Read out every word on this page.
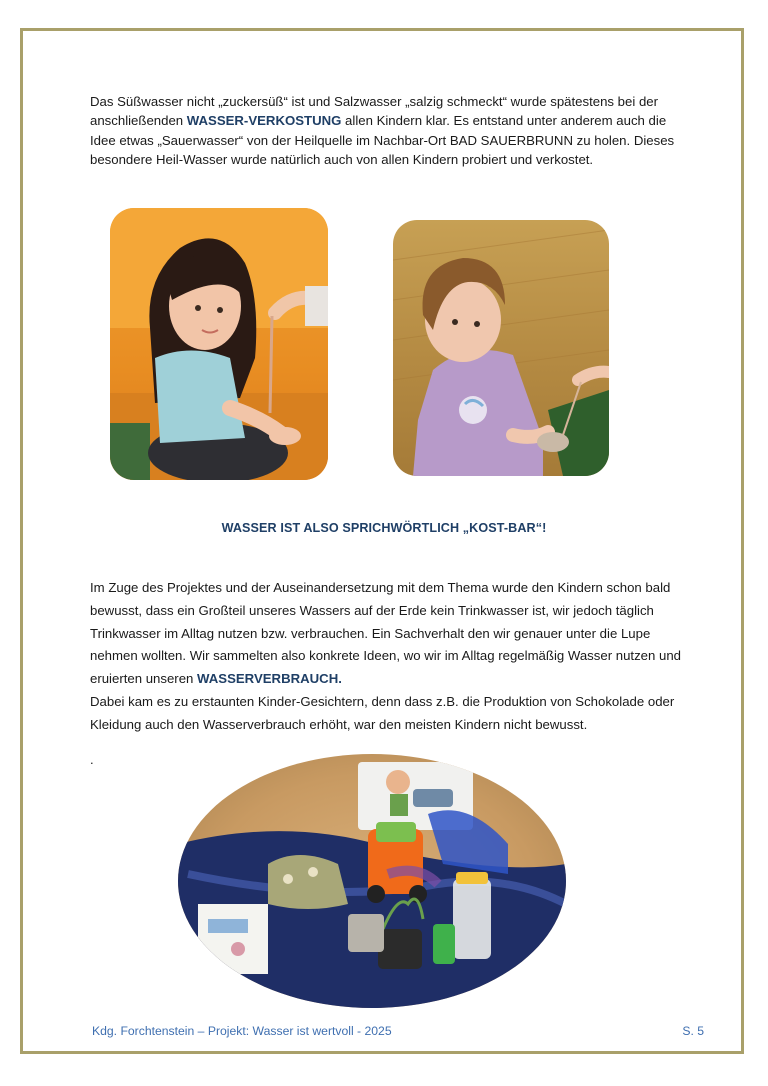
Das Süßwasser nicht „zuckersüß“ ist und Salzwasser „salzig schmeckt“ wurde spätestens bei der anschließenden WASSER-VERKOSTUNG allen Kindern klar. Es entstand unter anderem auch die Idee etwas „Sauerwasser“ von der Heilquelle im Nachbar-Ort BAD SAUERBRUNN zu holen. Dieses besondere Heil-Wasser wurde natürlich auch von allen Kindern probiert und verkostet.

WASSER IST ALSO SPRICHWÖRTLICH „KOST-BAR“!

Im Zuge des Projektes und der Auseinandersetzung mit dem Thema wurde den Kindern schon bald bewusst, dass ein Großteil unseres Wassers auf der Erde kein Trinkwasser ist, wir jedoch täglich Trinkwasser im Alltag nutzen bzw. verbrauchen. Ein Sachverhalt den wir genauer unter die Lupe nehmen wollten. Wir sammelten also konkrete Ideen, wo wir im Alltag regelmäßig Wasser nutzen und eruierten unseren WASSERVERBRAUCH.
Dabei kam es zu erstaunten Kinder-Gesichtern, denn dass z.B. die Produktion von Schokolade oder Kleidung auch den Wasserverbrauch erhöht, war den meisten Kindern nicht bewusst.

.
Kdg. Forchtenstein – Projekt: Wasser ist wertvoll - 2025	S. 5
